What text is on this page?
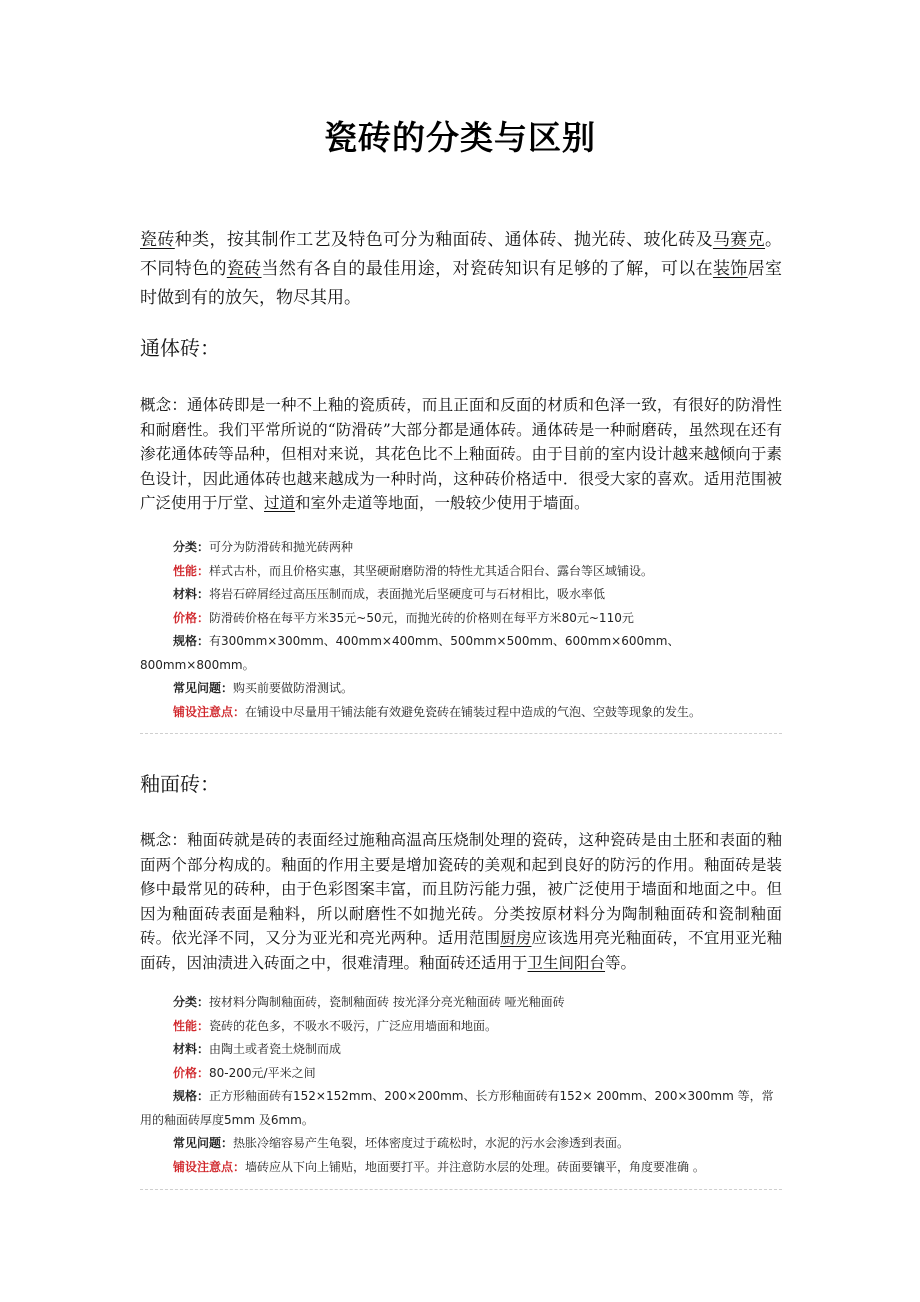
瓷砖的分类与区别

瓷砖种类，按其制作工艺及特色可分为釉面砖、通体砖、抛光砖、玻化砖及马赛克。不同特色的瓷砖当然有各自的最佳用途，对瓷砖知识有足够的了解，可以在装饰居室时做到有的放矢，物尽其用。

通体砖：

概念：通体砖即是一种不上釉的瓷质砖，而且正面和反面的材质和色泽一致，有很好的防滑性和耐磨性。我们平常所说的“防滑砖”大部分都是通体砖。通体砖是一种耐磨砖，虽然现在还有渗花通体砖等品种，但相对来说，其花色比不上釉面砖。由于目前的室内设计越来越倾向于素色设计，因此通体砖也越来越成为一种时尚，这种砖价格适中．很受大家的喜欢。适用范围被广泛使用于厅堂、过道和室外走道等地面，一般较少使用于墙面。

分类：可分为防滑砖和抛光砖两种

性能：样式古朴，而且价格实惠，其坚硬耐磨防滑的特性尤其适合阳台、露台等区域铺设。

材料：将岩石碎屑经过高压压制而成，表面抛光后坚硬度可与石材相比，吸水率低

价格：防滑砖价格在每平方米35元~50元，而抛光砖的价格则在每平方米80元~110元

规格：有300mm×300mm、400mm×400mm、500mm×500mm、600mm×600mm、800mm×800mm。

常见问题：购买前要做防滑测试。

铺设注意点：在铺设中尽量用干铺法能有效避免瓷砖在铺装过程中造成的气泡、空鼓等现象的发生。

釉面砖：

概念：釉面砖就是砖的表面经过施釉高温高压烧制处理的瓷砖，这种瓷砖是由土胚和表面的釉面两个部分构成的。釉面的作用主要是增加瓷砖的美观和起到良好的防污的作用。釉面砖是装修中最常见的砖种，由于色彩图案丰富，而且防污能力强，被广泛使用于墙面和地面之中。但因为釉面砖表面是釉料，所以耐磨性不如抛光砖。分类按原材料分为陶制釉面砖和瓷制釉面砖。依光泽不同，又分为亚光和亮光两种。适用范围厨房应该选用亮光釉面砖，不宜用亚光釉面砖，因油渍进入砖面之中，很难清理。釉面砖还适用于卫生间阳台等。

分类：按材料分陶制釉面砖，瓷制釉面砖 按光泽分亮光釉面砖 哑光釉面砖

性能：瓷砖的花色多，不吸水不吸污，广泛应用墙面和地面。

材料：由陶土或者瓷土烧制而成

价格：80-200元/平米之间

规格：正方形釉面砖有152×152mm、200×200mm、长方形釉面砖有152× 200mm、200×300mm 等，常用的釉面砖厚度5mm 及6mm。

常见问题：热胀冷缩容易产生龟裂，坯体密度过于疏松时，水泥的污水会渗透到表面。

铺设注意点：墙砖应从下向上铺贴，地面要打平。并注意防水层的处理。砖面要镶平，角度要准确 。
